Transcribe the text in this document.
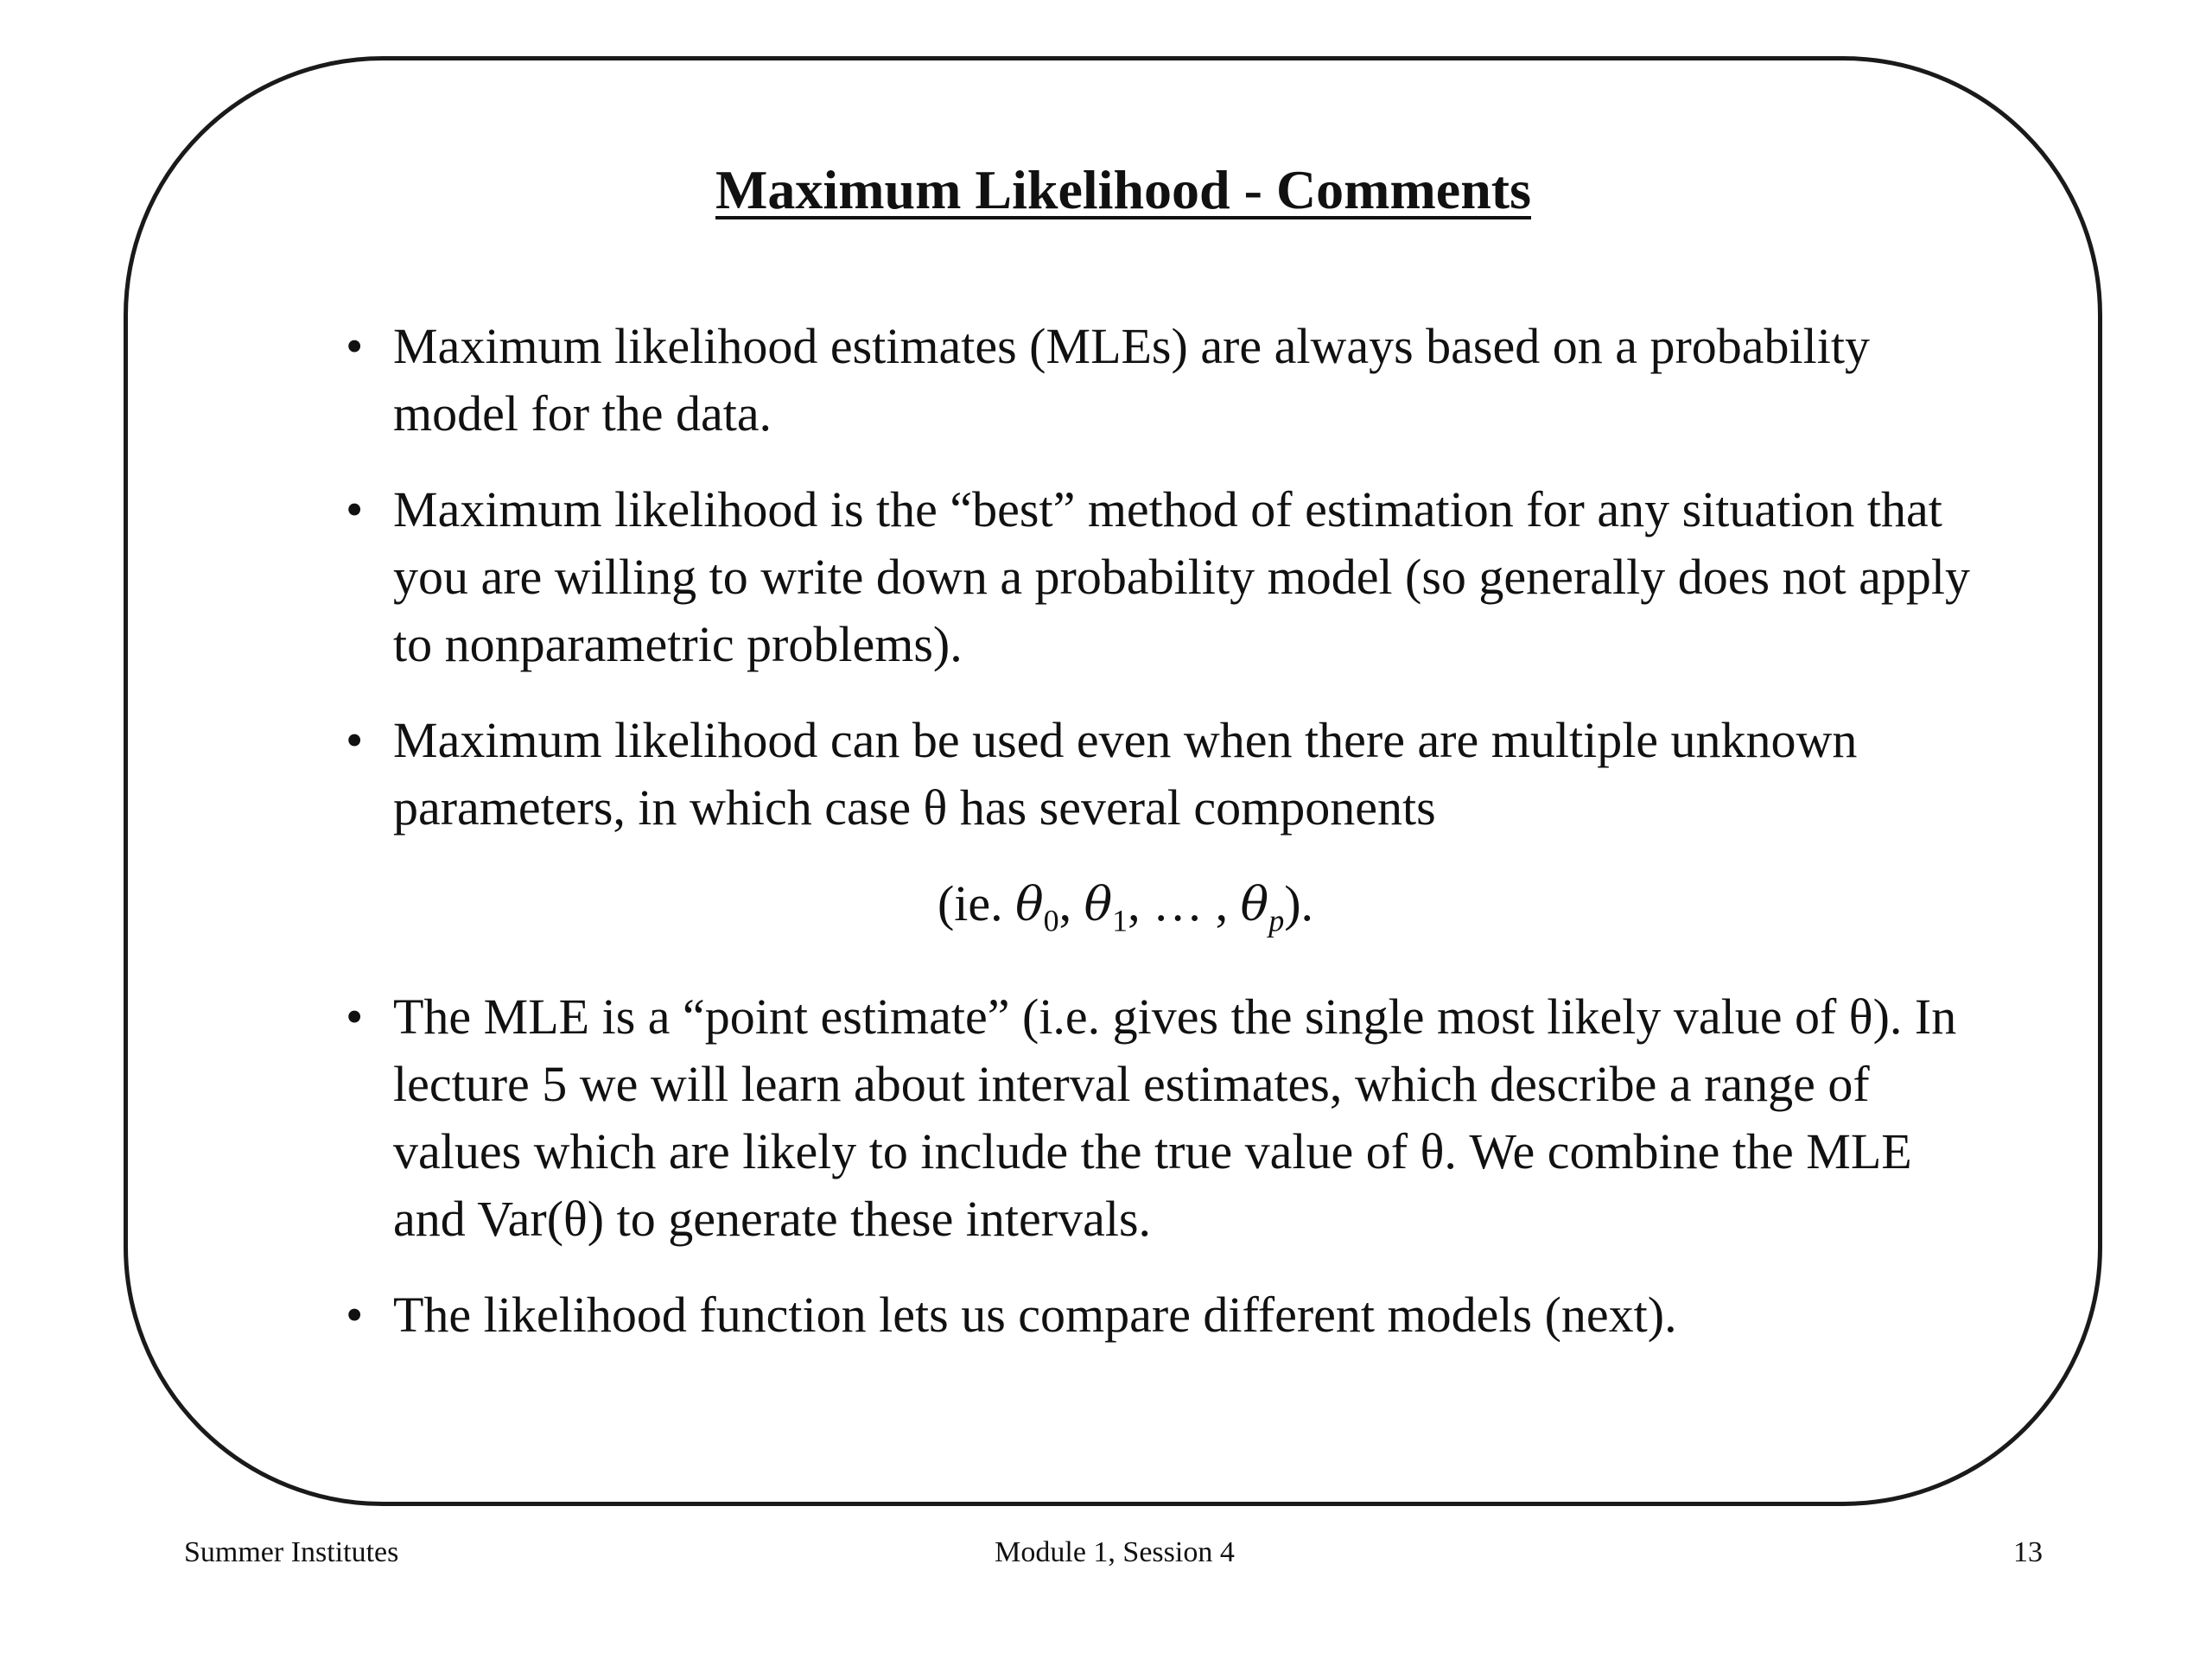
Maximum Likelihood - Comments
• Maximum likelihood estimates (MLEs) are always based on a probability model for the data.
• Maximum likelihood is the “best” method of estimation for any situation that you are willing to write down a probability model (so generally does not apply to nonparametric problems).
• Maximum likelihood can be used even when there are multiple unknown parameters, in which case θ has several components
(ie. $\theta_0$, $\theta_1$, … , $\theta_p$).
• The MLE is a “point estimate” (i.e. gives the single most likely value of θ). In lecture 5 we will learn about interval estimates, which describe a range of values which are likely to include the true value of θ. We combine the MLE and Var(θ) to generate these intervals.
• The likelihood function lets us compare different models (next).
Summer Institutes	Module 1, Session 4	13
